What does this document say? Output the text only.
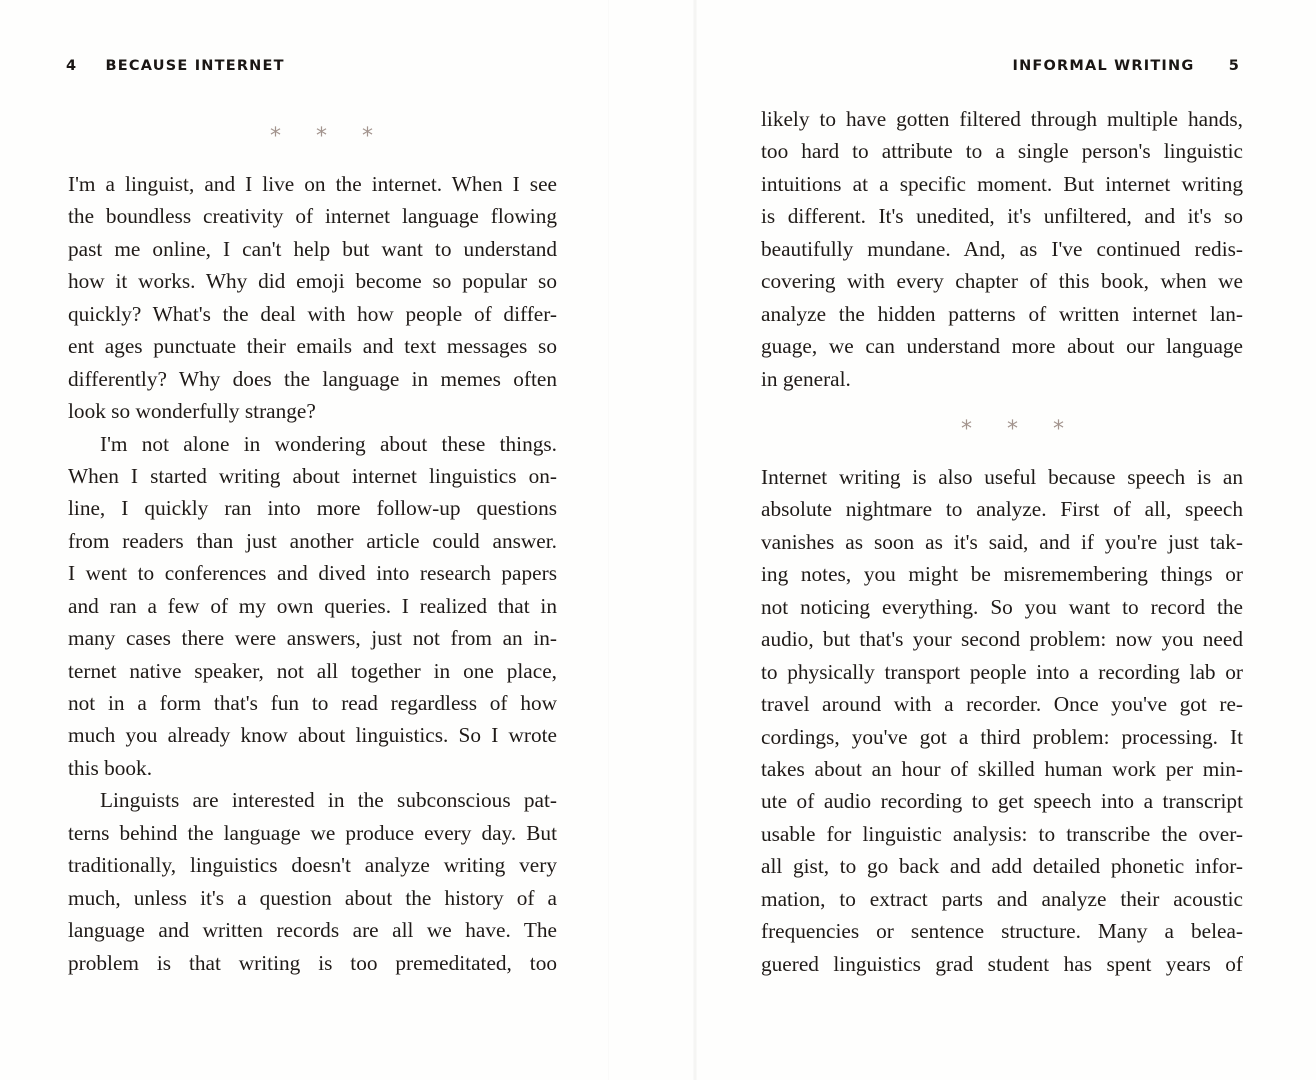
4 BECAUSE INTERNET
* * *
I'm a linguist, and I live on the internet. When I see
the boundless creativity of internet language flowing
past me online, I can't help but want to understand
how it works. Why did emoji become so popular so
quickly? What's the deal with how people of differ-
ent ages punctuate their emails and text messages so
differently? Why does the language in memes often
look so wonderfully strange?
I'm not alone in wondering about these things.
When I started writing about internet linguistics on-
line, I quickly ran into more follow-up questions
from readers than just another article could answer.
I went to conferences and dived into research papers
and ran a few of my own queries. I realized that in
many cases there were answers, just not from an in-
ternet native speaker, not all together in one place,
not in a form that's fun to read regardless of how
much you already know about linguistics. So I wrote
this book.
Linguists are interested in the subconscious pat-
terns behind the language we produce every day. But
traditionally, linguistics doesn't analyze writing very
much, unless it's a question about the history of a
language and written records are all we have. The
problem is that writing is too premeditated, too
INFORMAL WRITING 5
likely to have gotten filtered through multiple hands,
too hard to attribute to a single person's linguistic
intuitions at a specific moment. But internet writing
is different. It's unedited, it's unfiltered, and it's so
beautifully mundane. And, as I've continued redis-
covering with every chapter of this book, when we
analyze the hidden patterns of written internet lan-
guage, we can understand more about our language
in general.
* * *
Internet writing is also useful because speech is an
absolute nightmare to analyze. First of all, speech
vanishes as soon as it's said, and if you're just tak-
ing notes, you might be misremembering things or
not noticing everything. So you want to record the
audio, but that's your second problem: now you need
to physically transport people into a recording lab or
travel around with a recorder. Once you've got re-
cordings, you've got a third problem: processing. It
takes about an hour of skilled human work per min-
ute of audio recording to get speech into a transcript
usable for linguistic analysis: to transcribe the over-
all gist, to go back and add detailed phonetic infor-
mation, to extract parts and analyze their acoustic
frequencies or sentence structure. Many a belea-
guered linguistics grad student has spent years of
